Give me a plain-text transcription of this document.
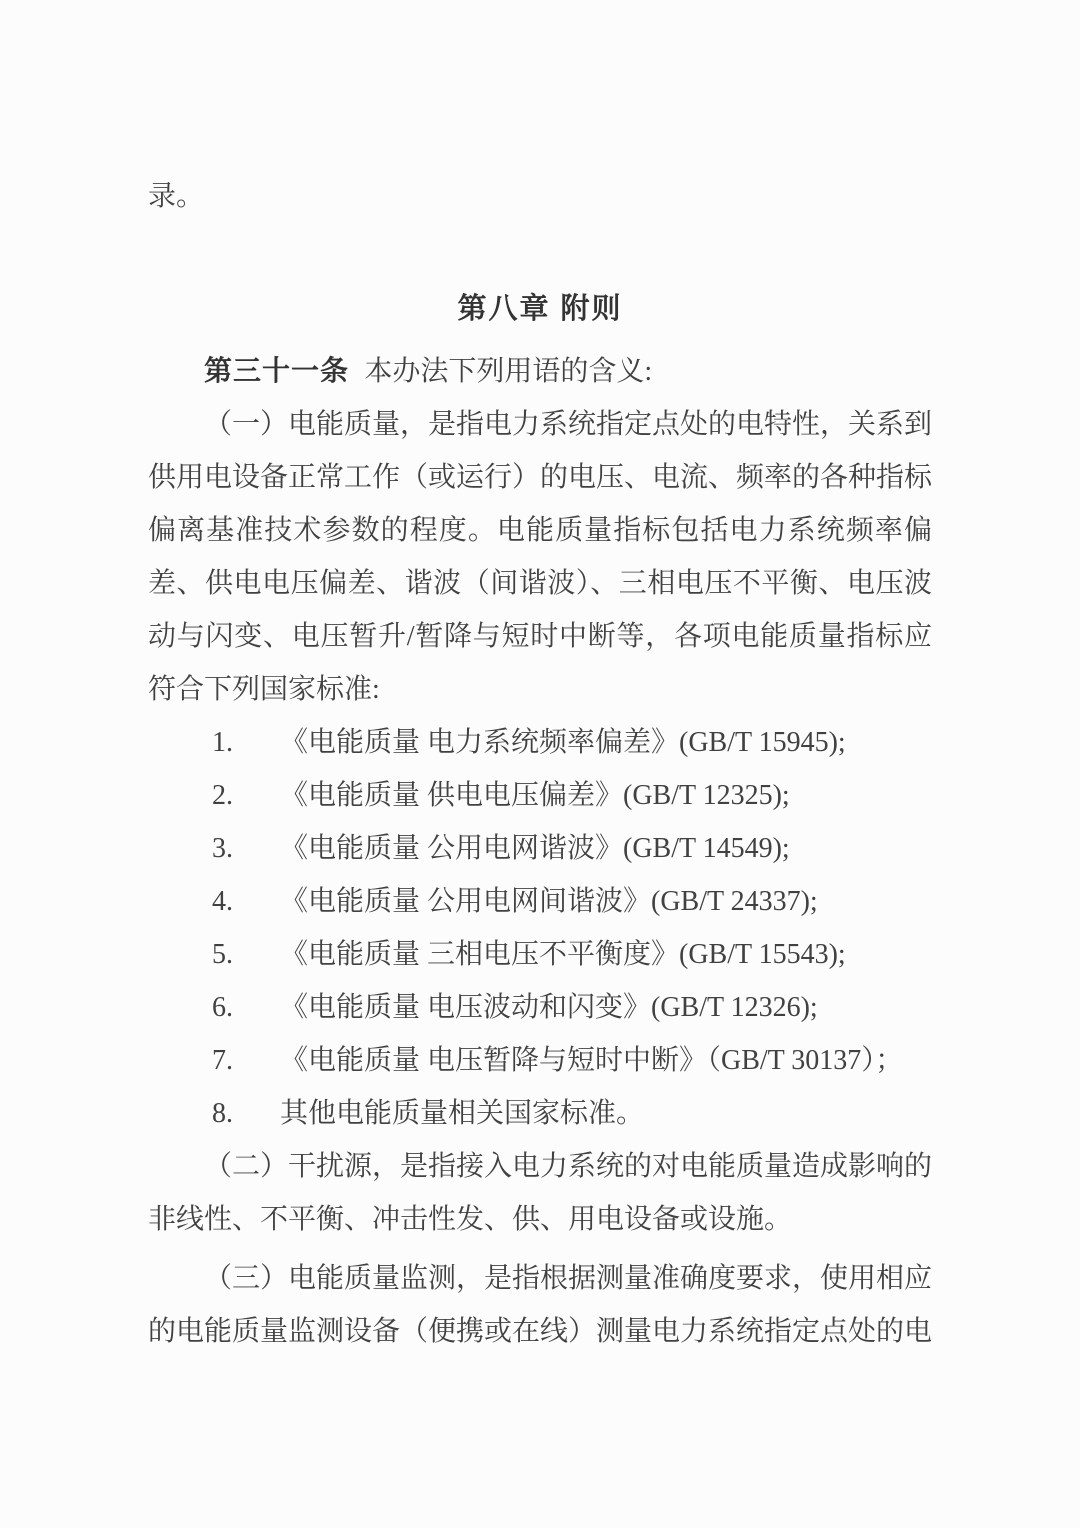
录。
第八章 附则
第三十一条 本办法下列用语的含义:
（一）电能质量，是指电力系统指定点处的电特性，关系到供用电设备正常工作（或运行）的电压、电流、频率的各种指标偏离基准技术参数的程度。电能质量指标包括电力系统频率偏差、供电电压偏差、谐波（间谐波）、三相电压不平衡、电压波动与闪变、电压暂升/暂降与短时中断等，各项电能质量指标应符合下列国家标准:
1. 《电能质量 电力系统频率偏差》(GB/T 15945);
2. 《电能质量 供电电压偏差》(GB/T 12325);
3. 《电能质量 公用电网谐波》(GB/T 14549);
4. 《电能质量 公用电网间谐波》(GB/T 24337);
5. 《电能质量 三相电压不平衡度》(GB/T 15543);
6. 《电能质量 电压波动和闪变》(GB/T 12326);
7. 《电能质量 电压暂降与短时中断》（GB/T 30137）；
8. 其他电能质量相关国家标准。
（二）干扰源，是指接入电力系统的对电能质量造成影响的非线性、不平衡、冲击性发、供、用电设备或设施。
（三）电能质量监测，是指根据测量准确度要求，使用相应的电能质量监测设备（便携或在线）测量电力系统指定点处的电
